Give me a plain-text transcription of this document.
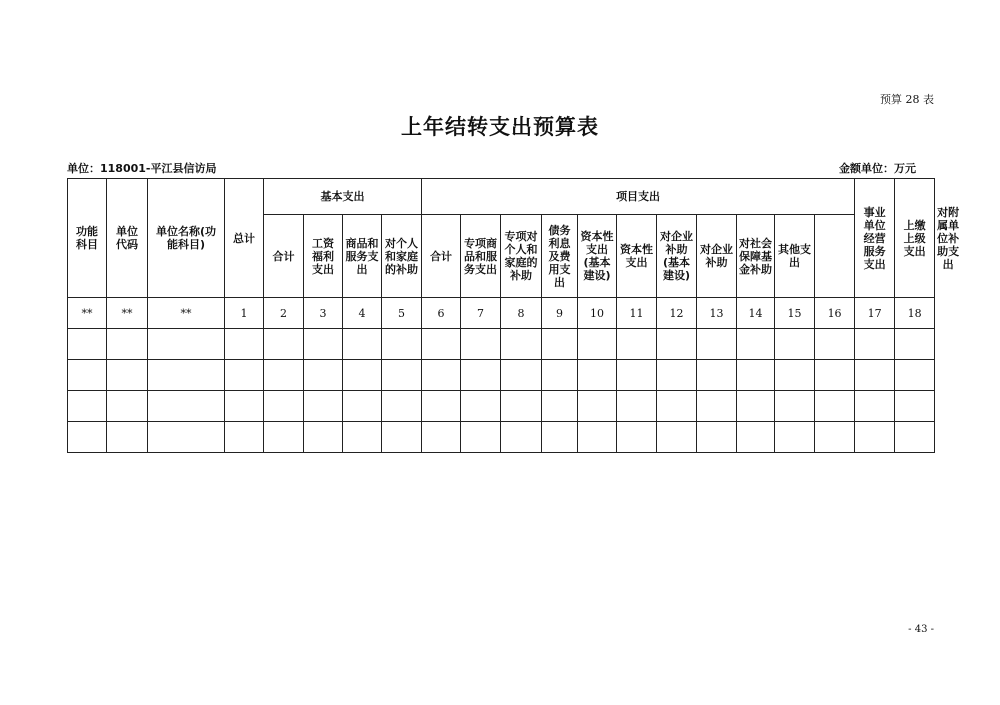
预算 28 表
上年结转支出预算表
单位：118001-平江县信访局	金额单位：万元
功能科目	单位代码	单位名称(功能科目)	总计	基本支出				项目支出											事业单位经营服务支出	上缴上级支出	对附属单位补助支出
				合计	工资福利支出	商品和服务支出	对个人和家庭的补助	合计	专项商品和服务支出	专项对个人和家庭的补助	债务利息及费用支出	资本性支出(基本建设)	资本性支出	对企业补助(基本建设)	对企业补助	对社会保障基金补助	其他支出				
**	**	**	1	2	3	4	5	6	7	8	9	10	11	12	13	14	15	16	17	18	

- 43 -
